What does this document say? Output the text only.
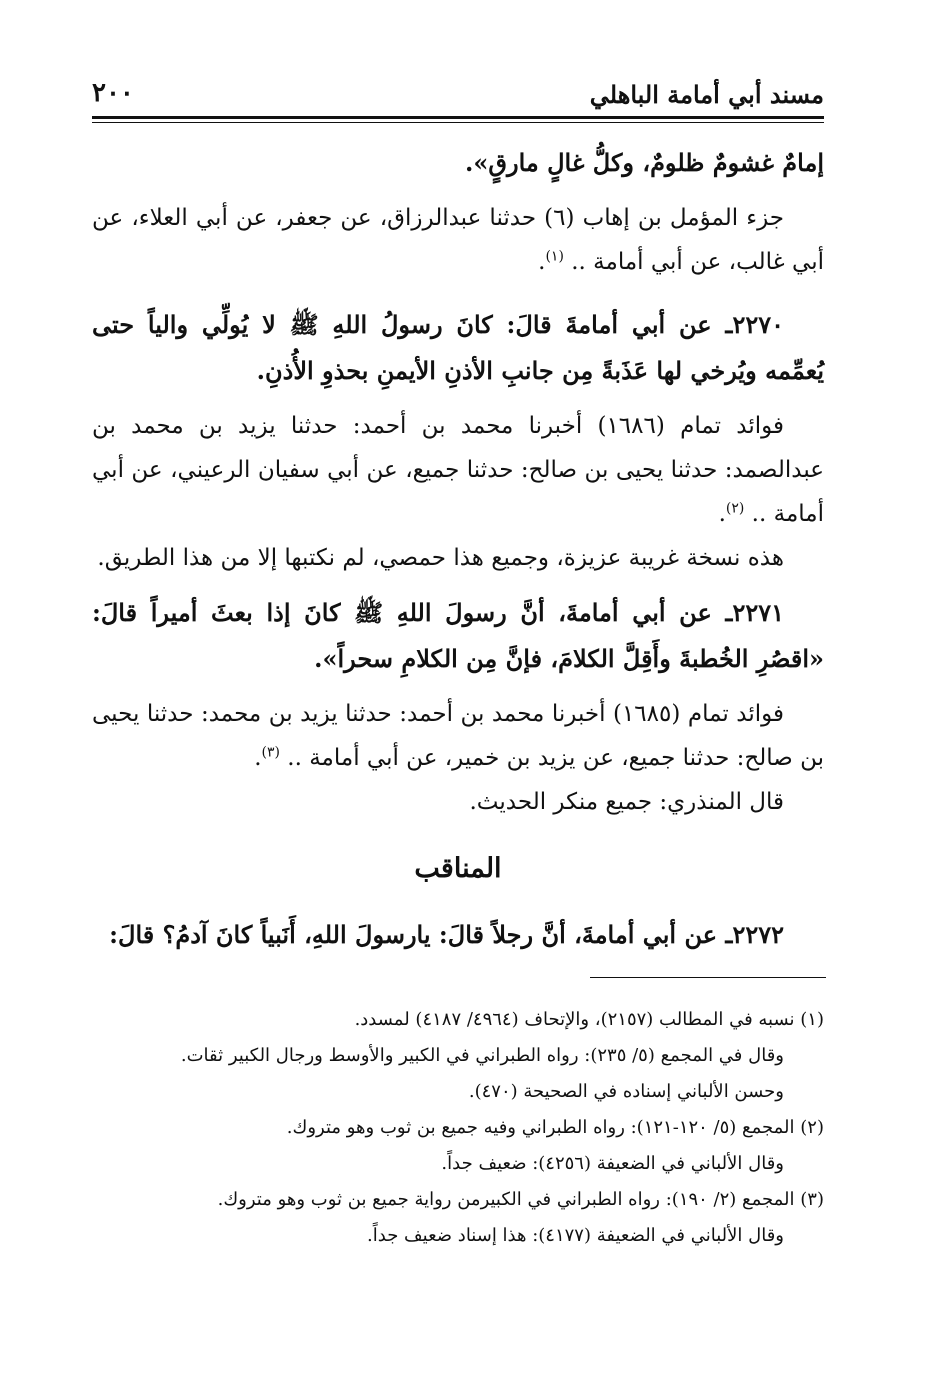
مسند أبي أمامة الباهلي
٢٠٠

إمامٌ غشومٌ ظلومٌ، وكلُّ غالٍ مارقٍ».

جزء المؤمل بن إهاب (٦) حدثنا عبدالرزاق، عن جعفر، عن أبي العلاء، عن أبي غالب، عن أبي أمامة .. $^{(١)}$.

٢٢٧٠ـ عن أبي أمامةَ قالَ: كانَ رسولُ اللهِ ﷺ لا يُولِّي والياً حتى يُعمِّمه ويُرخي لها عَذَبةً مِن جانبِ الأذنِ الأيمنِ بحذوِ الأُذنِ.

فوائد تمام (١٦٨٦) أخبرنا محمد بن أحمد: حدثنا يزيد بن محمد بن عبدالصمد: حدثنا يحيى بن صالح: حدثنا جميع، عن أبي سفيان الرعيني، عن أبي أمامة .. $^{(٢)}$.

هذه نسخة غريبة عزيزة، وجميع هذا حمصي، لم نكتبها إلا من هذا الطريق.

٢٢٧١ـ عن أبي أمامةَ، أنَّ رسولَ اللهِ ﷺ كانَ إذا بعثَ أميراً قالَ: «اقصُرِ الخُطبةَ وأَقِلَّ الكلامَ، فإنَّ مِن الكلامِ سحراً».

فوائد تمام (١٦٨٥) أخبرنا محمد بن أحمد: حدثنا يزيد بن محمد: حدثنا يحيى بن صالح: حدثنا جميع، عن يزيد بن خمير، عن أبي أمامة .. $^{(٣)}$.

قال المنذري: جميع منكر الحديث.

المناقب

٢٢٧٢ـ عن أبي أمامةَ، أنَّ رجلاً قالَ: يارسولَ اللهِ، أَنَبياً كانَ آدمُ؟ قالَ:

(١) نسبه في المطالب (٢١٥٧)، والإتحاف (٤٩٦٤/ ٤١٨٧) لمسدد.

وقال في المجمع (٥/ ٢٣٥): رواه الطبراني في الكبير والأوسط ورجال الكبير ثقات.

وحسن الألباني إسناده في الصحيحة (٤٧٠).

(٢) المجمع (٥/ ١٢٠-١٢١): رواه الطبراني وفيه جميع بن ثوب وهو متروك.

وقال الألباني في الضعيفة (٤٢٥٦): ضعيف جداً.

(٣) المجمع (٢/ ١٩٠): رواه الطبراني في الكبيرمن رواية جميع بن ثوب وهو متروك.

وقال الألباني في الضعيفة (٤١٧٧): هذا إسناد ضعيف جداً.
